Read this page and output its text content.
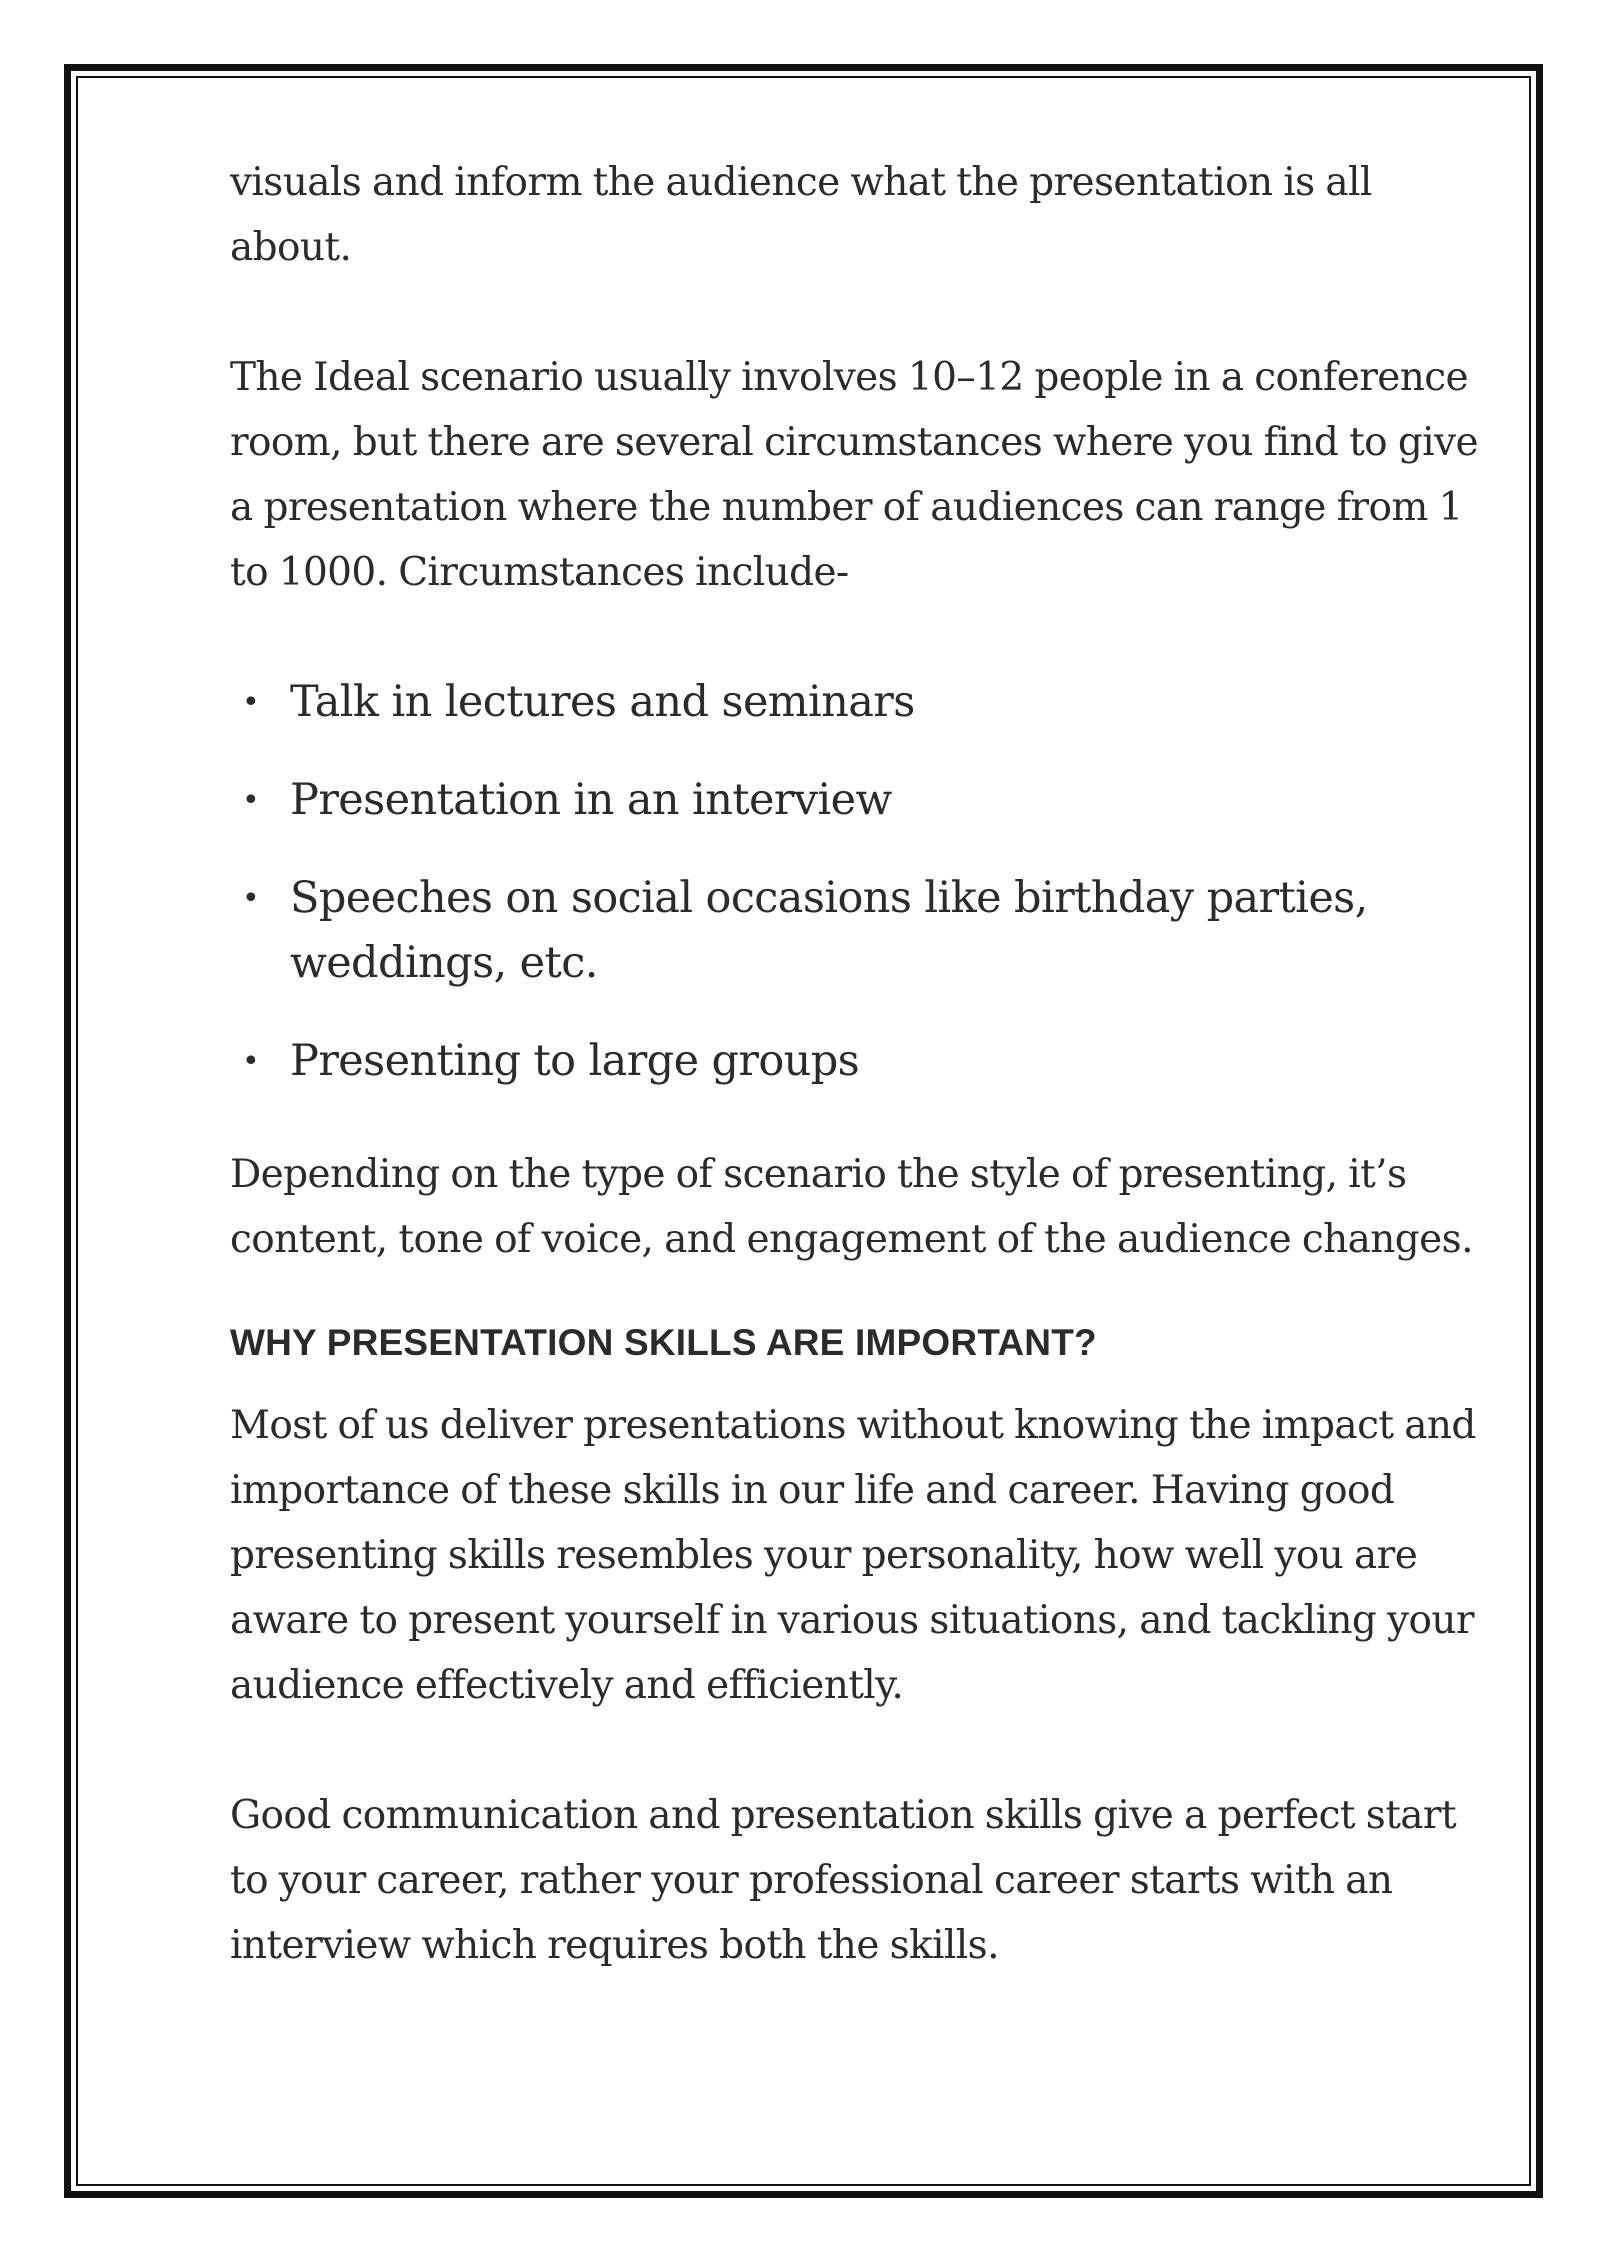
visuals and inform the audience what the presentation is all about.

The Ideal scenario usually involves 10–12 people in a conference room, but there are several circumstances where you find to give a presentation where the number of audiences can range from 1 to 1000. Circumstances include-

• Talk in lectures and seminars
• Presentation in an interview
• Speeches on social occasions like birthday parties, weddings, etc.
• Presenting to large groups

Depending on the type of scenario the style of presenting, it’s content, tone of voice, and engagement of the audience changes.

WHY PRESENTATION SKILLS ARE IMPORTANT?

Most of us deliver presentations without knowing the impact and importance of these skills in our life and career. Having good presenting skills resembles your personality, how well you are aware to present yourself in various situations, and tackling your audience effectively and efficiently.

Good communication and presentation skills give a perfect start to your career, rather your professional career starts with an interview which requires both the skills.
